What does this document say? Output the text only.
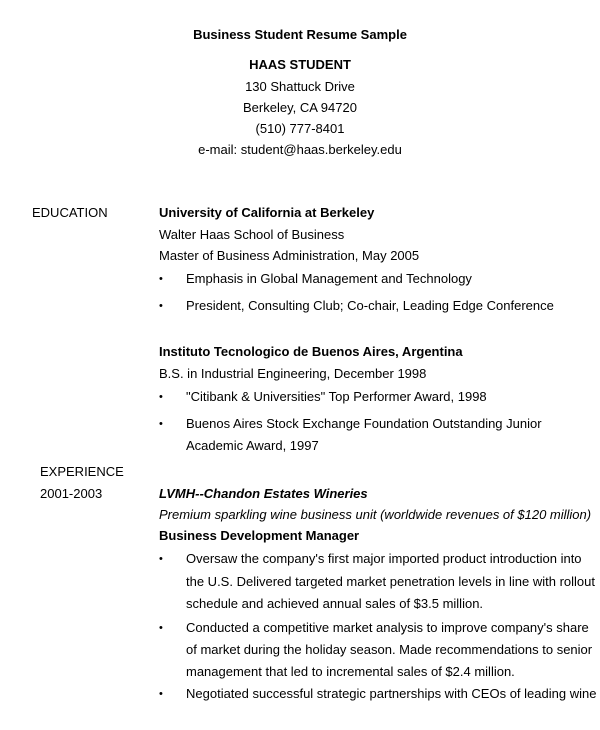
Business Student Resume Sample
HAAS STUDENT
130 Shattuck Drive
Berkeley, CA 94720
(510) 777-8401
e-mail: student@haas.berkeley.edu
EDUCATION	University of California at Berkeley
Walter Haas School of Business
Master of Business Administration, May 2005
• Emphasis in Global Management and Technology
• President, Consulting Club; Co-chair, Leading Edge Conference
Instituto Tecnologico de Buenos Aires, Argentina
B.S. in Industrial Engineering, December 1998
• "Citibank & Universities" Top Performer Award, 1998
• Buenos Aires Stock Exchange Foundation Outstanding Junior
Academic Award, 1997
EXPERIENCE
2001-2003	LVMH--Chandon Estates Wineries
Premium sparkling wine business unit (worldwide revenues of $120 million)
Business Development Manager
• Oversaw the company's first major imported product introduction into
the U.S. Delivered targeted market penetration levels in line with rollout
schedule and achieved annual sales of $3.5 million.
• Conducted a competitive market analysis to improve company's share
of market during the holiday season. Made recommendations to senior
management that led to incremental sales of $2.4 million.
• Negotiated successful strategic partnerships with CEOs of leading wine
